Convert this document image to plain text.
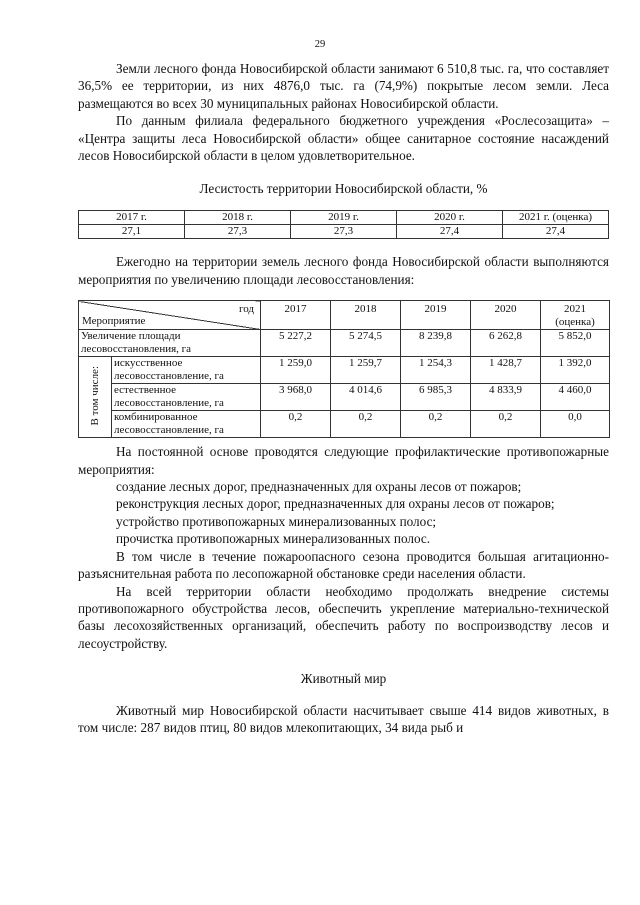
29

Земли лесного фонда Новосибирской области занимают 6 510,8 тыс. га, что составляет 36,5% ее территории, из них 4876,0 тыс. га (74,9%) покрытые лесом земли. Леса размещаются во всех 30 муниципальных районах Новосибирской области.

По данным филиала федерального бюджетного учреждения «Рослесозащита» – «Центра защиты леса Новосибирской области» общее санитарное состояние насаждений лесов Новосибирской области в целом удовлетворительное.

Лесистость территории Новосибирской области, %
2017 г.	2018 г.	2019 г.	2020 г.	2021 г. (оценка)
27,1	27,3	27,3	27,4	27,4

Ежегодно на территории земель лесного фонда Новосибирской области выполняются мероприятия по увеличению площади лесовосстановления:

год
Мероприятие		2017	2018	2019	2020	2021 (оценка)
Увеличение площади лесовосстановления, га		5 227,2	5 274,5	8 239,8	6 262,8	5 852,0
В том числе:	искусственное лесовосстановление, га	1 259,0	1 259,7	1 254,3	1 428,7	1 392,0
	естественное лесовосстановление, га	3 968,0	4 014,6	6 985,3	4 833,9	4 460,0
	комбинированное лесовосстановление, га	0,2	0,2	0,2	0,2	0,0

На постоянной основе проводятся следующие профилактические противопожарные мероприятия:

созданиe лесных дорог, предназначенных для охраны лесов от пожаров;

реконструкция лесных дорог, предназначенных для охраны лесов от пожаров;

устройство противопожарных минерализованных полос;

прочистка противопожарных минерализованных полос.

В том числе в течение пожароопасного сезона проводится большая агитационно-разъяснительная работа по лесопожарной обстановке среди населения области.

На всей территории области необходимо продолжать внедрение системы противопожарного обустройства лесов, обеспечить укрепление материально-технической базы лесохозяйственных организаций, обеспечить работу по воспроизводству лесов и лесоустройству.

Животный мир

Животный мир Новосибирской области насчитывает свыше 414 видов животных, в том числе: 287 видов птиц, 80 видов млекопитающих, 34 вида рыб и
